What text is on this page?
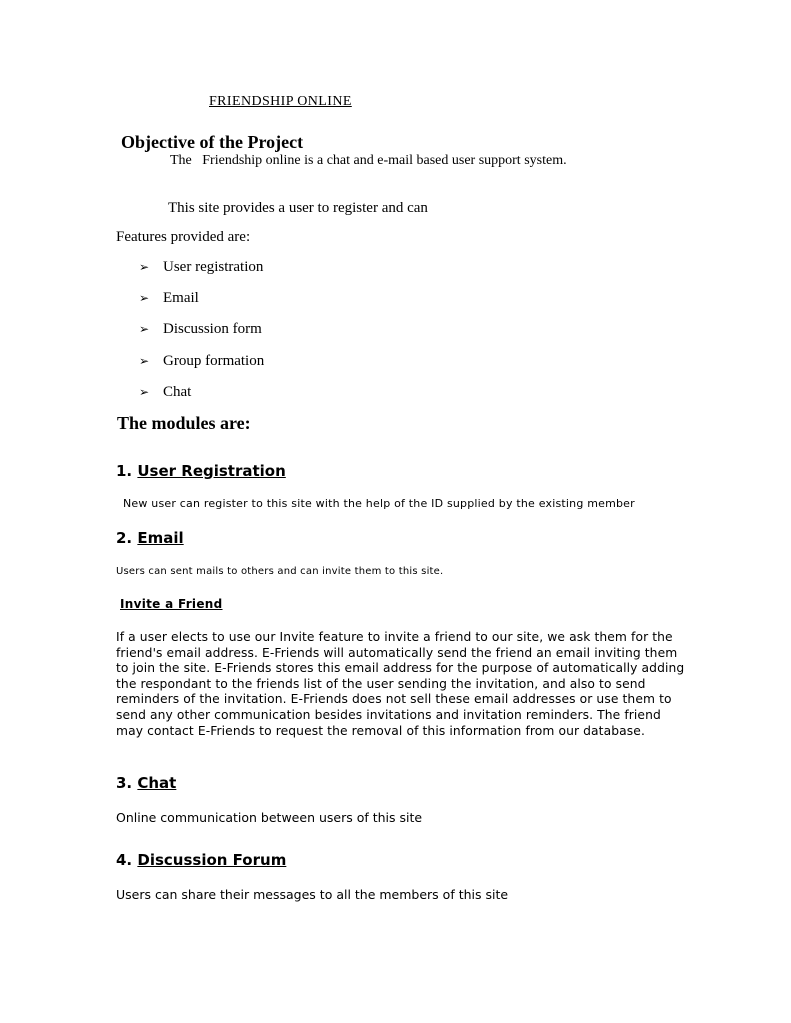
FRIENDSHIP ONLINE
Objective of the Project
The   Friendship online is a chat and e-mail based user support system.
This site provides a user to register and can
Features provided are:
➢ User registration
➢ Email
➢ Discussion form
➢ Group formation
➢ Chat
The modules are:
1. User Registration
New user can register to this site with the help of the ID supplied by the existing member
2. Email
Users can sent mails to others and can invite them to this site.
Invite a Friend
If a user elects to use our Invite feature to invite a friend to our site, we ask them for the friend's email address. E-Friends will automatically send the friend an email inviting them to join the site. E-Friends stores this email address for the purpose of automatically adding the respondant to the friends list of the user sending the invitation, and also to send reminders of the invitation. E-Friends does not sell these email addresses or use them to send any other communication besides invitations and invitation reminders. The friend may contact E-Friends to request the removal of this information from our database.
3. Chat
Online communication between users of this site
4. Discussion Forum
Users can share their messages to all the members of this site
